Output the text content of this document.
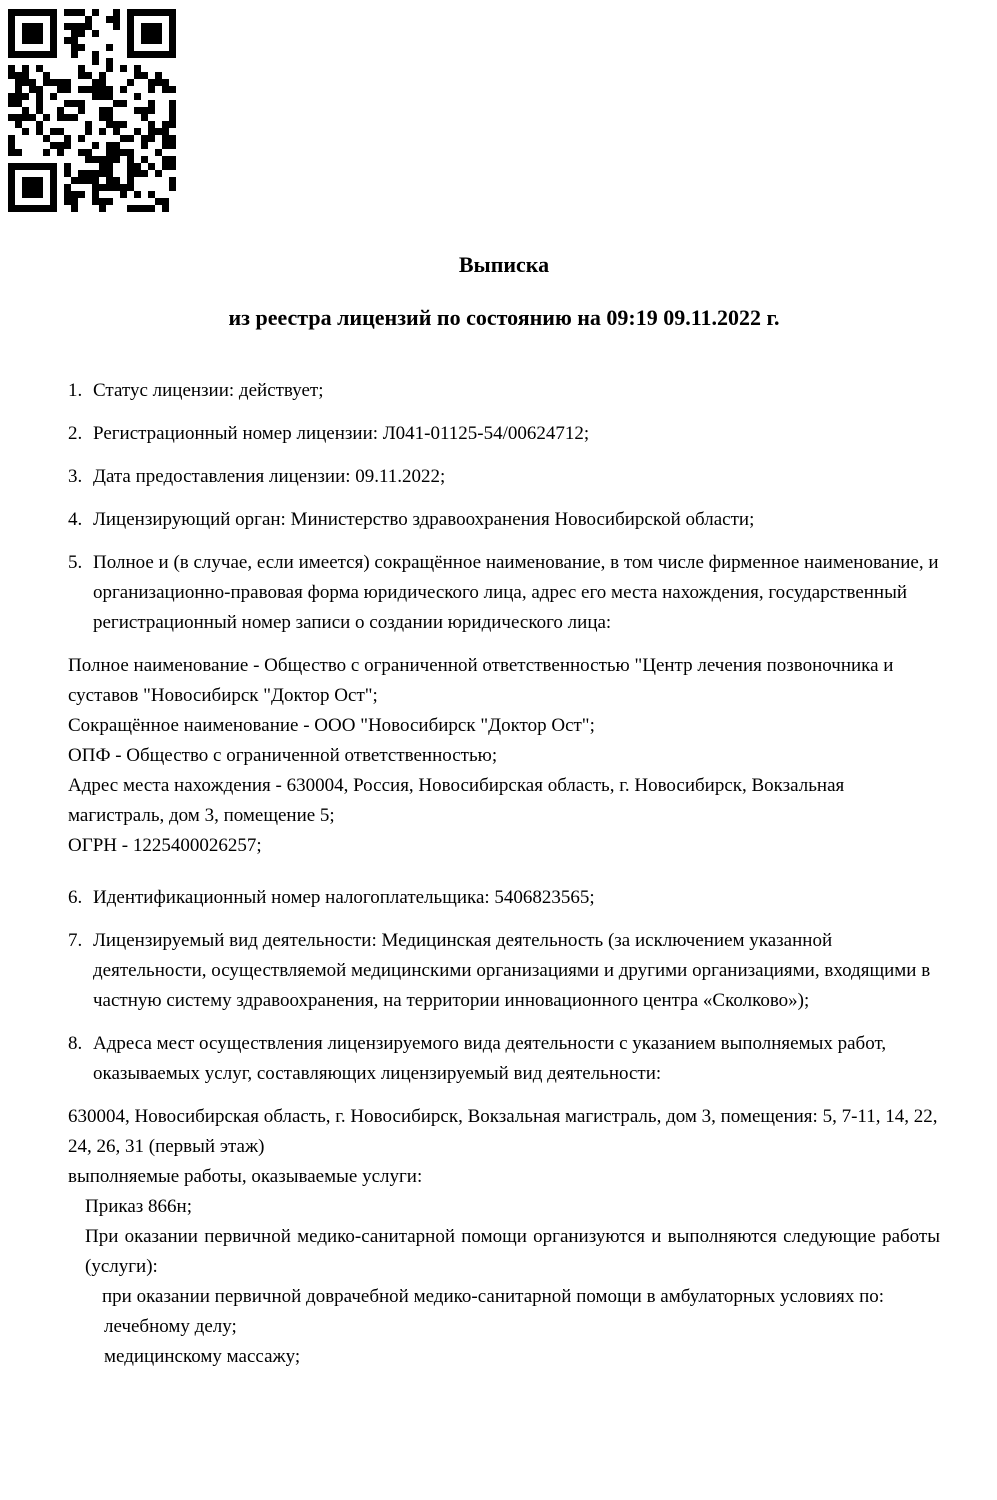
Выписка
из реестра лицензий по состоянию на 09:19 09.11.2022 г.

1. Статус лицензии: действует;

2. Регистрационный номер лицензии: Л041-01125-54/00624712;

3. Дата предоставления лицензии: 09.11.2022;

4. Лицензирующий орган: Министерство здравоохранения Новосибирской области;

5. Полное и (в случае, если имеется) сокращённое наименование, в том числе фирменное наименование, и организационно-правовая форма юридического лица, адрес его места нахождения, государственный регистрационный номер записи о создании юридического лица:

Полное наименование - Общество с ограниченной ответственностью "Центр лечения позвоночника и суставов "Новосибирск "Доктор Ост";

Сокращённое наименование - ООО "Новосибирск "Доктор Ост";

ОПФ - Общество с ограниченной ответственностью;

Адрес места нахождения - 630004, Россия, Новосибирская область, г. Новосибирск, Вокзальная магистраль, дом 3, помещение 5;

ОГРН - 1225400026257;

6. Идентификационный номер налогоплательщика: 5406823565;

7. Лицензируемый вид деятельности: Медицинская деятельность (за исключением указанной деятельности, осуществляемой медицинскими организациями и другими организациями, входящими в частную систему здравоохранения, на территории инновационного центра «Сколково»);

8. Адреса мест осуществления лицензируемого вида деятельности с указанием выполняемых работ, оказываемых услуг, составляющих лицензируемый вид деятельности:

630004, Новосибирская область, г. Новосибирск, Вокзальная магистраль, дом 3, помещения: 5, 7-11, 14, 22, 24, 26, 31 (первый этаж)

выполняемые работы, оказываемые услуги:

Приказ 866н;

При оказании первичной медико-санитарной помощи организуются и выполняются следующие работы (услуги):

при оказании первичной доврачебной медико-санитарной помощи в амбулаторных условиях по:

лечебному делу;

медицинскому массажу;
